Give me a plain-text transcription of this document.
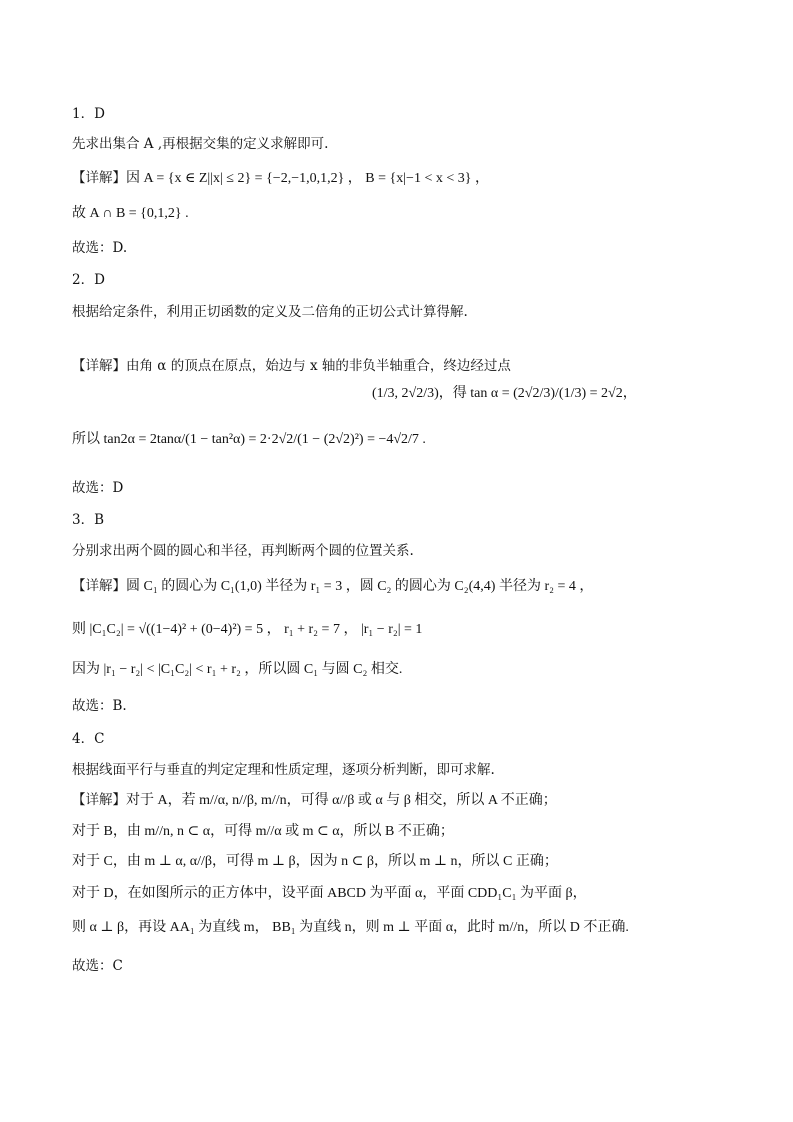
1．D
先求出集合 A ,再根据交集的定义求解即可.
【详解】因 A = {x ∈ Z||x| ≤ 2} = {−2,−1,0,1,2} ， B = {x|−1 < x < 3} ，
故 A ∩ B = {0,1,2} .
故选：D.
2．D
根据给定条件，利用正切函数的定义及二倍角的正切公式计算得解.
【详解】由角 α 的顶点在原点，始边与 x 轴的非负半轴重合，终边经过点
(1/3, 2√2/3)，得 tan α = (2√2/3)/(1/3) = 2√2，
所以 tan2α = 2tanα/(1 − tan²α) = 2·2√2/(1 − (2√2)²) = −4√2/7 .
故选：D
3．B
分别求出两个圆的圆心和半径，再判断两个圆的位置关系.
【详解】圆 C₁ 的圆心为 C₁(1,0) 半径为 r₁ = 3 ，圆 C₂ 的圆心为 C₂(4,4) 半径为 r₂ = 4 ，
则 |C₁C₂| = √((1−4)² + (0−4)²) = 5 ， r₁ + r₂ = 7 ， |r₁ − r₂| = 1
因为 |r₁ − r₂| < |C₁C₂| < r₁ + r₂ ，所以圆 C₁ 与圆 C₂ 相交.
故选：B.
4．C
根据线面平行与垂直的判定定理和性质定理，逐项分析判断，即可求解.
【详解】对于 A，若 m//α, n//β, m//n，可得 α//β 或 α 与 β 相交，所以 A 不正确；
对于 B，由 m//n, n ⊂ α，可得 m//α 或 m ⊂ α，所以 B 不正确；
对于 C，由 m ⊥ α, α//β，可得 m ⊥ β，因为 n ⊂ β，所以 m ⊥ n，所以 C 正确；
对于 D，在如图所示的正方体中，设平面 ABCD 为平面 α，平面 CDD₁C₁ 为平面 β，
则 α ⊥ β，再设 AA₁ 为直线 m， BB₁ 为直线 n，则 m ⊥ 平面 α，此时 m//n，所以 D 不正确.
故选：C
